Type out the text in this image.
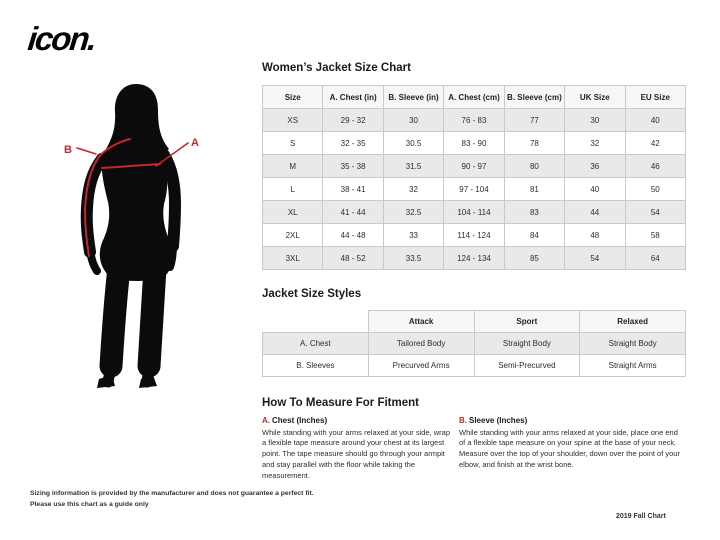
icon.
B
A
Women’s Jacket Size Chart
Size	A. Chest (in)	B. Sleeve (in)	A. Chest (cm)	B. Sleeve (cm)	UK Size	EU Size
XS	29 - 32	30	76 - 83	77	30	40
S	32 - 35	30.5	83 - 90	78	32	42
M	35 - 38	31.5	90 - 97	80	36	46
L	38 - 41	32	97 - 104	81	40	50
XL	41 - 44	32.5	104 - 114	83	44	54
2XL	44 - 48	33	114 - 124	84	48	58
3XL	48 - 52	33.5	124 - 134	85	54	64
Jacket Size Styles
	Attack	Sport	Relaxed
A. Chest	Tailored Body	Straight Body	Straight Body
B. Sleeves	Precurved Arms	Semi-Precurved	Straight Arms
How To Measure For Fitment
A. Chest (Inches)
While standing with your arms relaxed at your side, wrap a flexible tape measure around your chest at its largest point. The tape measure should go through your armpit and stay parallel with the floor while taking the measurement.
B. Sleeve (Inches)
While standing with your arms relaxed at your side, place one end of a flexible tape measure on your spine at the base of your neck. Measure over the top of your shoulder, down over the point of your elbow, and finish at the wrist bone.
Sizing information is provided by the manufacturer and does not guarantee a perfect fit.
Please use this chart as a guide only
2019 Fall Chart
